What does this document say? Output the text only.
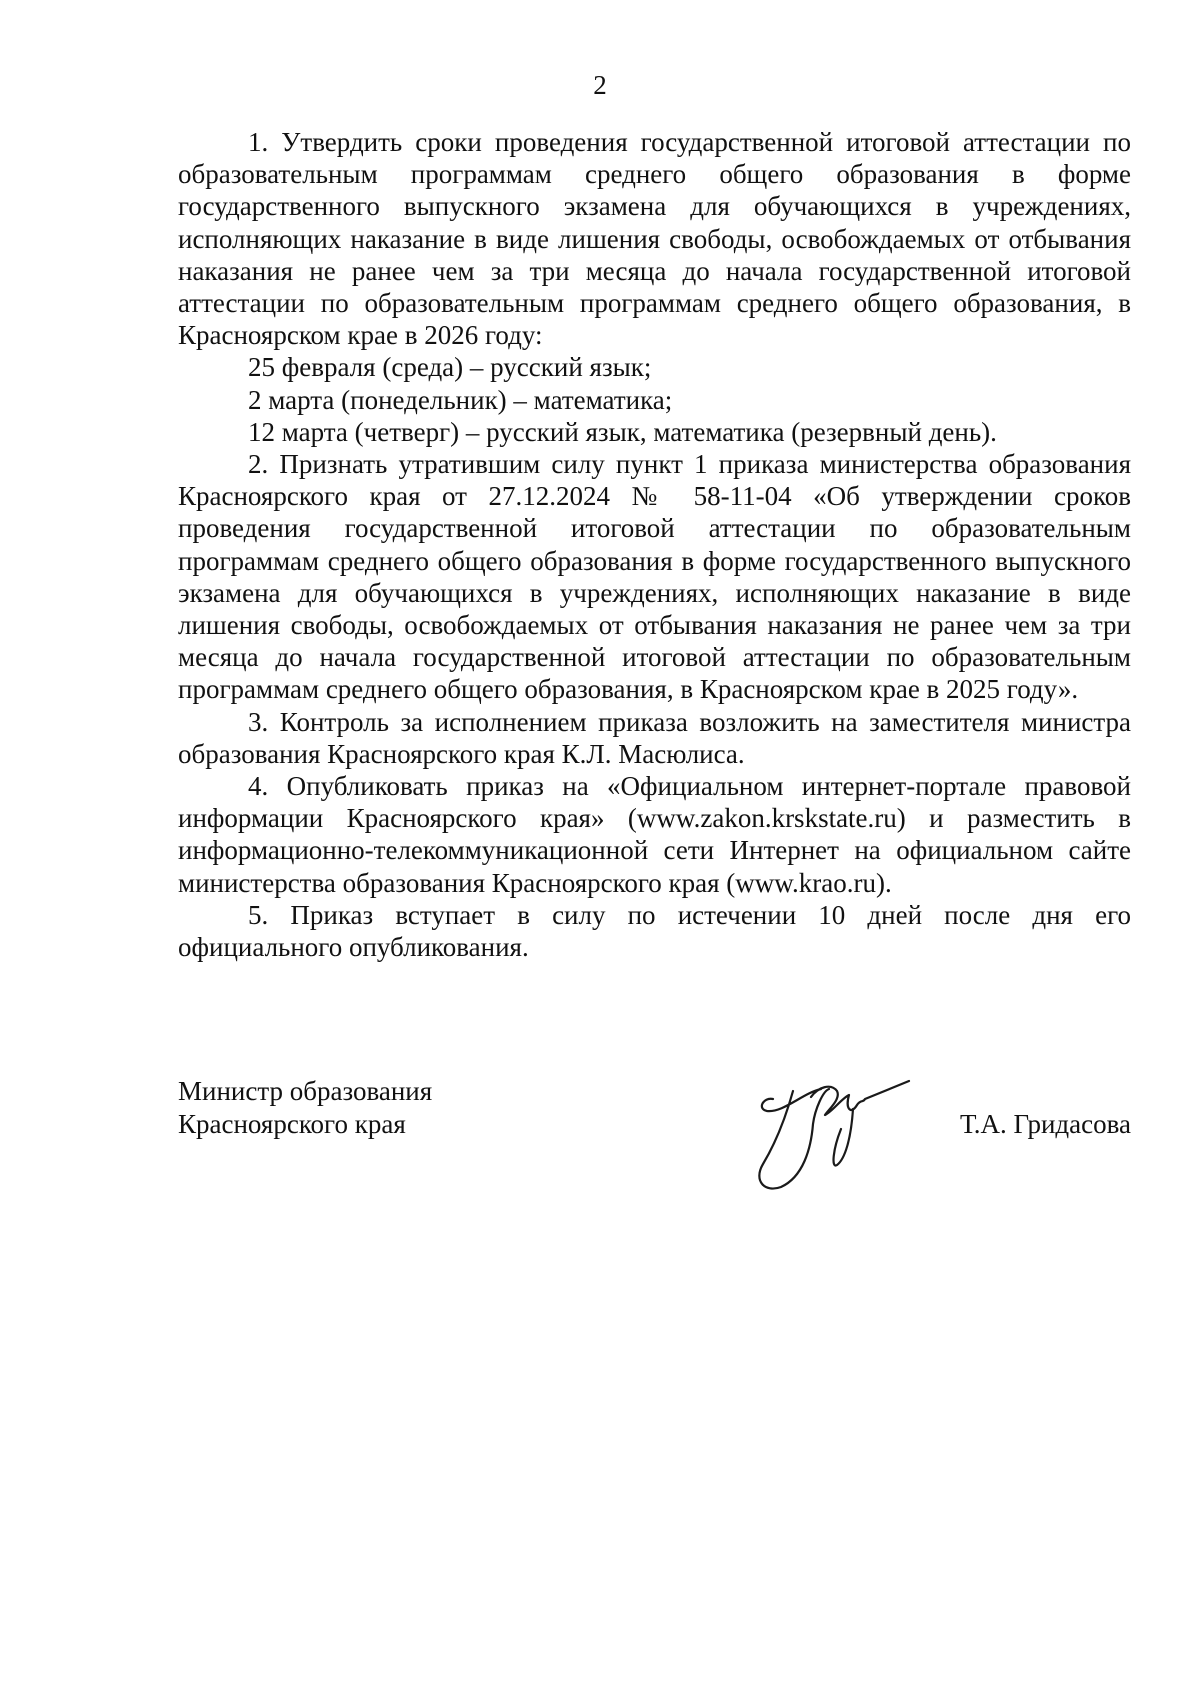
2

1. Утвердить сроки проведения государственной итоговой аттестации по образовательным программам среднего общего образования в форме государственного выпускного экзамена для обучающихся в учреждениях, исполняющих наказание в виде лишения свободы, освобождаемых от отбывания наказания не ранее чем за три месяца до начала государственной итоговой аттестации по образовательным программам среднего общего образования, в Красноярском крае в 2026 году:

25 февраля (среда) – русский язык;

2 марта (понедельник) – математика;

12 марта (четверг) – русский язык, математика (резервный день).

2. Признать утратившим силу пункт 1 приказа министерства образования Красноярского края от 27.12.2024 № 58-11-04 «Об утверждении сроков проведения государственной итоговой аттестации по образовательным программам среднего общего образования в форме государственного выпускного экзамена для обучающихся в учреждениях, исполняющих наказание в виде лишения свободы, освобождаемых от отбывания наказания не ранее чем за три месяца до начала государственной итоговой аттестации по образовательным программам среднего общего образования, в Красноярском крае в 2025 году».

3. Контроль за исполнением приказа возложить на заместителя министра образования Красноярского края К.Л. Масюлиса.

4. Опубликовать приказ на «Официальном интернет-портале правовой информации Красноярского края» (www.zakon.krskstate.ru) и разместить в информационно-телекоммуникационной сети Интернет на официальном сайте министерства образования Красноярского края (www.krao.ru).

5. Приказ вступает в силу по истечении 10 дней после дня его официального опубликования.

Министр образования
Красноярского края	Т.А. Гридасова
